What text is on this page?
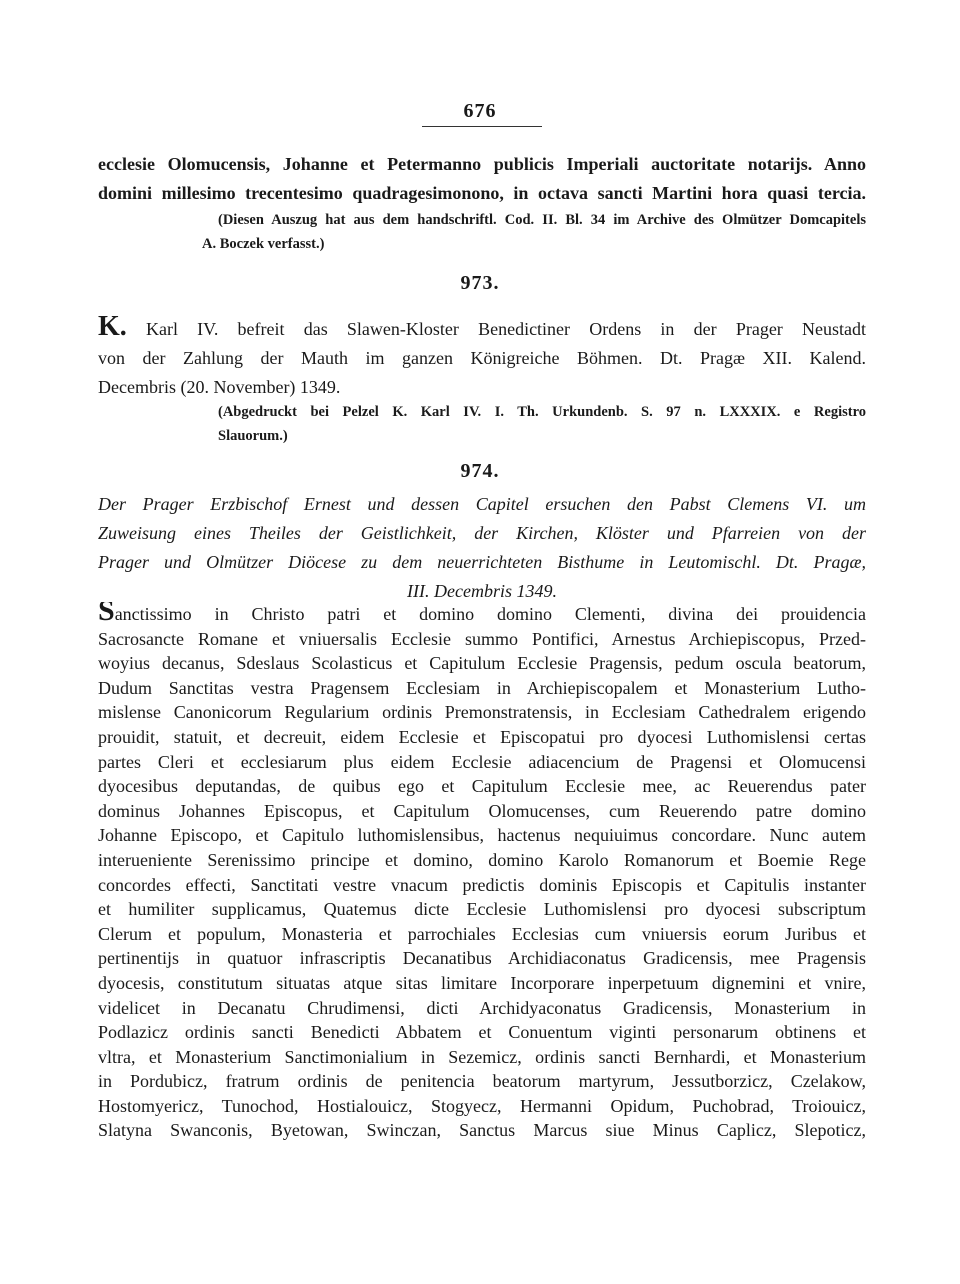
676
ecclesie Olomucensis, Johanne et Petermanno publicis Imperiali auctoritate notarijs. Anno
domini millesimo trecentesimo quadragesimonono, in octava sancti Martini hora quasi tercia.
(Diesen Auszug hat aus dem handschriftl. Cod. II. Bl. 34 im Archive des Olmützer Domcapitels
A. Boczek verfasst.)
973.
K. Karl IV. befreit das Slawen-Kloster Benedictiner Ordens in der Prager Neustadt
von der Zahlung der Mauth im ganzen Königreiche Böhmen. Dt. Pragæ XII. Kalend.
Decembris (20. November) 1349.
(Abgedruckt bei Pelzel K. Karl IV. I. Th. Urkundenb. S. 97 n. LXXXIX. e Registro
Slauorum.)
974.
Der Prager Erzbischof Ernest und dessen Capitel ersuchen den Pabst Clemens VI. um
Zuweisung eines Theiles der Geistlichkeit, der Kirchen, Klöster und Pfarreien von der
Prager und Olmützer Diöcese zu dem neuerrichteten Bisthume in Leutomischl. Dt. Pragæ,
III. Decembris 1349.
Sanctissimo in Christo patri et domino domino Clementi, divina dei prouidencia
Sacrosancte Romane et vniuersalis Ecclesie summo Pontifici, Arnestus Archiepiscopus, Przed-
woyius decanus, Sdeslaus Scolasticus et Capitulum Ecclesie Pragensis, pedum oscula beatorum,
Dudum Sanctitas vestra Pragensem Ecclesiam in Archiepiscopalem et Monasterium Lutho-
mislense Canonicorum Regularium ordinis Premonstratensis, in Ecclesiam Cathedralem erigendo
prouidit, statuit, et decreuit, eidem Ecclesie et Episcopatui pro dyocesi Luthomislensi certas
partes Cleri et ecclesiarum plus eidem Ecclesie adiacencium de Pragensi et Olomucensi
dyocesibus deputandas, de quibus ego et Capitulum Ecclesie mee, ac Reuerendus pater
dominus Johannes Episcopus, et Capitulum Olomucenses, cum Reuerendo patre domino
Johanne Episcopo, et Capitulo luthomislensibus, hactenus nequiuimus concordare. Nunc autem
interueniente Serenissimo principe et domino, domino Karolo Romanorum et Boemie Rege
concordes effecti, Sanctitati vestre vnacum predictis dominis Episcopis et Capitulis instanter
et humiliter supplicamus, Quatemus dicte Ecclesie Luthomislensi pro dyocesi subscriptum
Clerum et populum, Monasteria et parrochiales Ecclesias cum vniuersis eorum Juribus et
pertinentijs in quatuor infrascriptis Decanatibus Archidiaconatus Gradicensis, mee Pragensis
dyocesis, constitutum situatas atque sitas limitare Incorporare inperpetuum dignemini et vnire,
videlicet in Decanatu Chrudimensi, dicti Archidyaconatus Gradicensis, Monasterium in
Podlazicz ordinis sancti Benedicti Abbatem et Conuentum viginti personarum obtinens et
vltra, et Monasterium Sanctimonialium in Sezemicz, ordinis sancti Bernhardi, et Monasterium
in Pordubicz, fratrum ordinis de penitencia beatorum martyrum, Jessutborzicz, Czelakow,
Hostomyericz, Tunochod, Hostialouicz, Stogyecz, Hermanni Opidum, Puchobrad, Troiouicz,
Slatyna Swanconis, Byetowan, Swinczan, Sanctus Marcus siue Minus Caplicz, Slepoticz,
